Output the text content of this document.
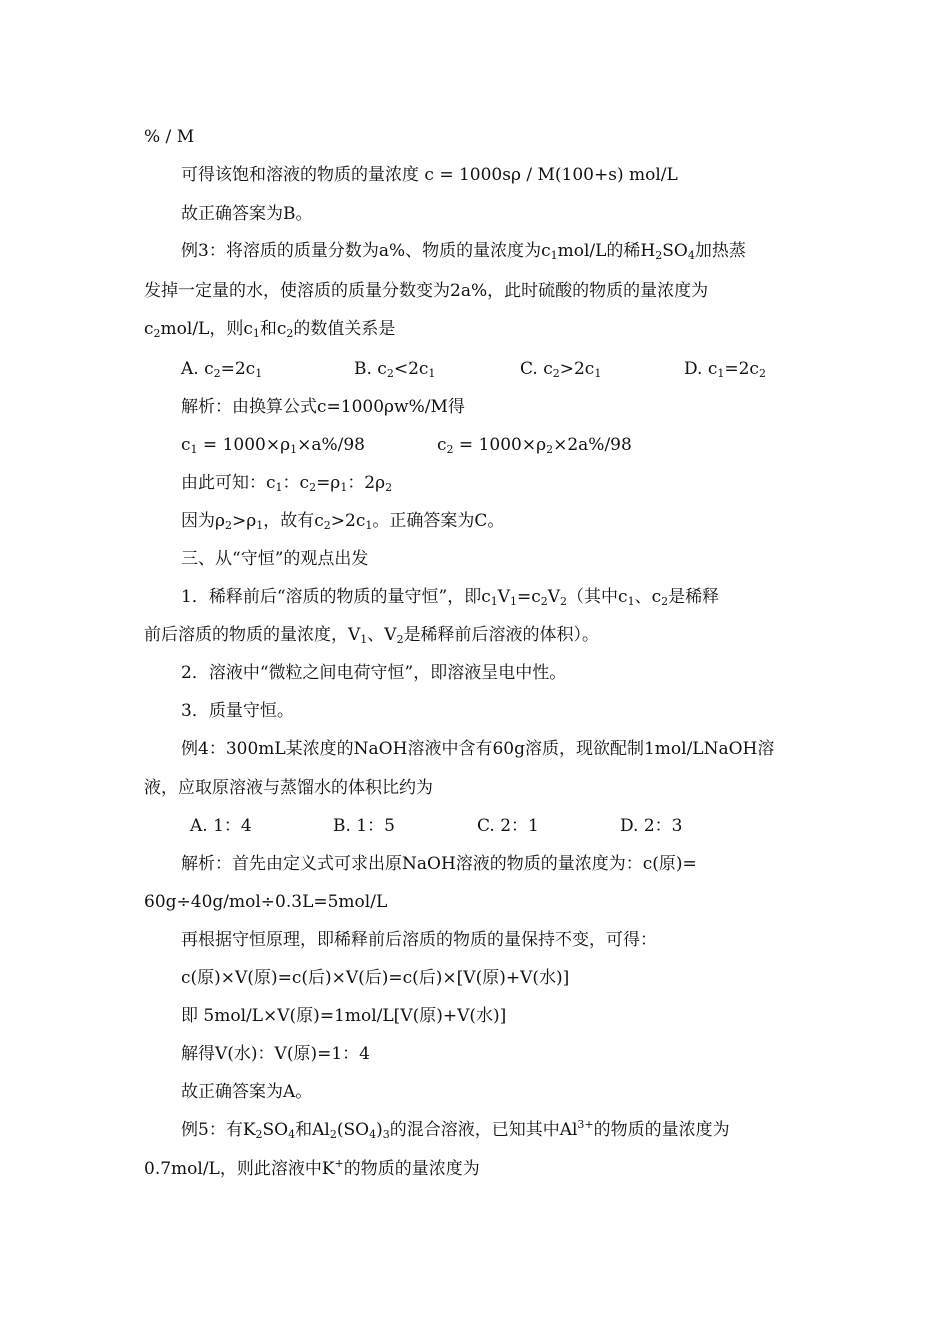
% / M
可得该饱和溶液的物质的量浓度 c = 1000sρ / M(100+s) mol/L
故正确答案为B。
例3：将溶质的质量分数为a%、物质的量浓度为$c_1mol/L$的稀$H_2SO_4$加热蒸
发掉一定量的水，使溶质的质量分数变为2a%，此时硫酸的物质的量浓度为
$c_2mol/L$，则$c_1$和$c_2$的数值关系是
A. $c_2=2c_1$	B. $c_2<2c_1$	C. $c_2>2c_1$	D. $c_1=2c_2$
解析：由换算公式c=1000ρw%/M得
$c_1 = 1000\times\rho_1\times a\%/98$	$c_2 = 1000\times\rho_2\times 2a\%/98$
由此可知：$c_1$：$c_2=\rho_1$：$2\rho_2$
因为$\rho_2>\rho_1$，故有$c_2>2c_1$。正确答案为C。
三、从“守恒”的观点出发
1．稀释前后“溶质的物质的量守恒”，即$c_1V_1=c_2V_2$（其中$c_1$、$c_2$是稀释
前后溶质的物质的量浓度，$V_1$、$V_2$是稀释前后溶液的体积）。
2．溶液中“微粒之间电荷守恒”，即溶液呈电中性。
3．质量守恒。
例4：300mL某浓度的NaOH溶液中含有60g溶质，现欲配制1mol/LNaOH溶
液，应取原溶液与蒸馏水的体积比约为
A. 1：4	B. 1：5	C. 2：1	D. 2：3
解析：首先由定义式可求出原NaOH溶液的物质的量浓度为：c(原)=
60g÷40g/mol÷0.3L=5mol/L
再根据守恒原理，即稀释前后溶质的物质的量保持不变，可得：
c(原)×V(原)=c(后)×V(后)=c(后)×[V(原)+V(水)]
即 5mol/L×V(原)=1mol/L[V(原)+V(水)]
解得V(水)：V(原)=1：4
故正确答案为A。
例5：有$K_2SO_4$和$Al_2(SO_4)_3$的混合溶液，已知其中$Al^{3+}$的物质的量浓度为
0.7mol/L，则此溶液中K+的物质的量浓度为
